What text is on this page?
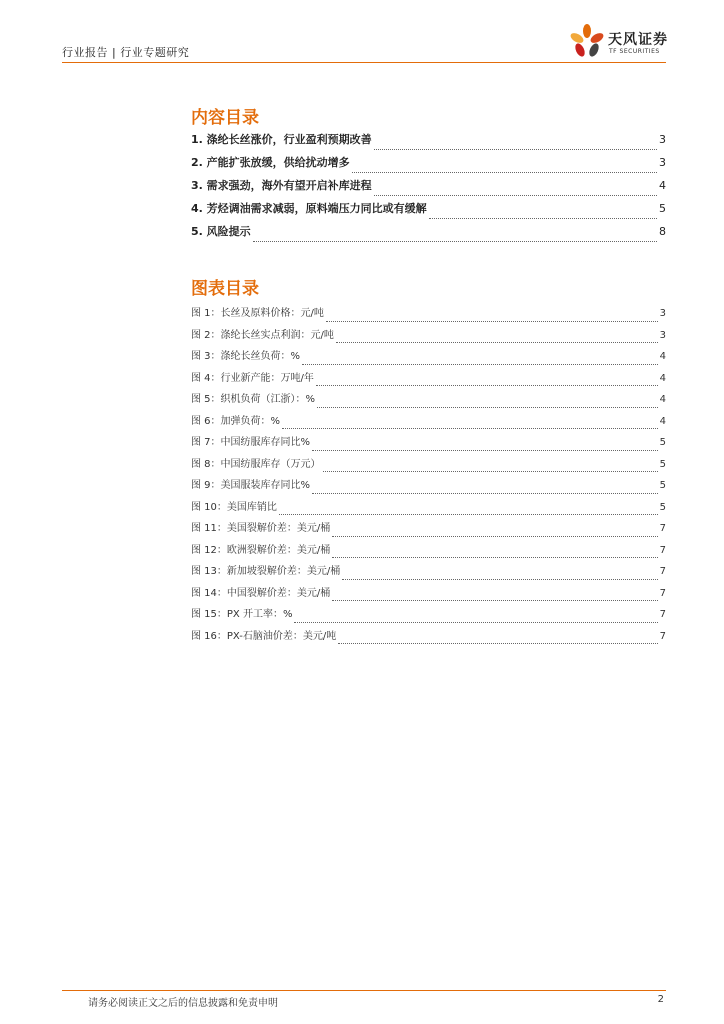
行业报告 | 行业专题研究
天风证券
TF SECURITIES
内容目录
1. 涤纶长丝涨价，行业盈利预期改善	3
2. 产能扩张放缓，供给扰动增多	3
3. 需求强劲，海外有望开启补库进程	4
4. 芳烃调油需求减弱，原料端压力同比或有缓解	5
5. 风险提示	8
图表目录
图 1：长丝及原料价格：元/吨	3
图 2：涤纶长丝实点利润：元/吨	3
图 3：涤纶长丝负荷：%	4
图 4：行业新产能：万吨/年	4
图 5：织机负荷（江浙）：%	4
图 6：加弹负荷：%	4
图 7：中国纺服库存同比%	5
图 8：中国纺服库存（万元）	5
图 9：美国服装库存同比%	5
图 10：美国库销比	5
图 11：美国裂解价差：美元/桶	7
图 12：欧洲裂解价差：美元/桶	7
图 13：新加坡裂解价差：美元/桶	7
图 14：中国裂解价差：美元/桶	7
图 15：PX 开工率：%	7
图 16：PX-石脑油价差：美元/吨	7
请务必阅读正文之后的信息披露和免责申明	2
